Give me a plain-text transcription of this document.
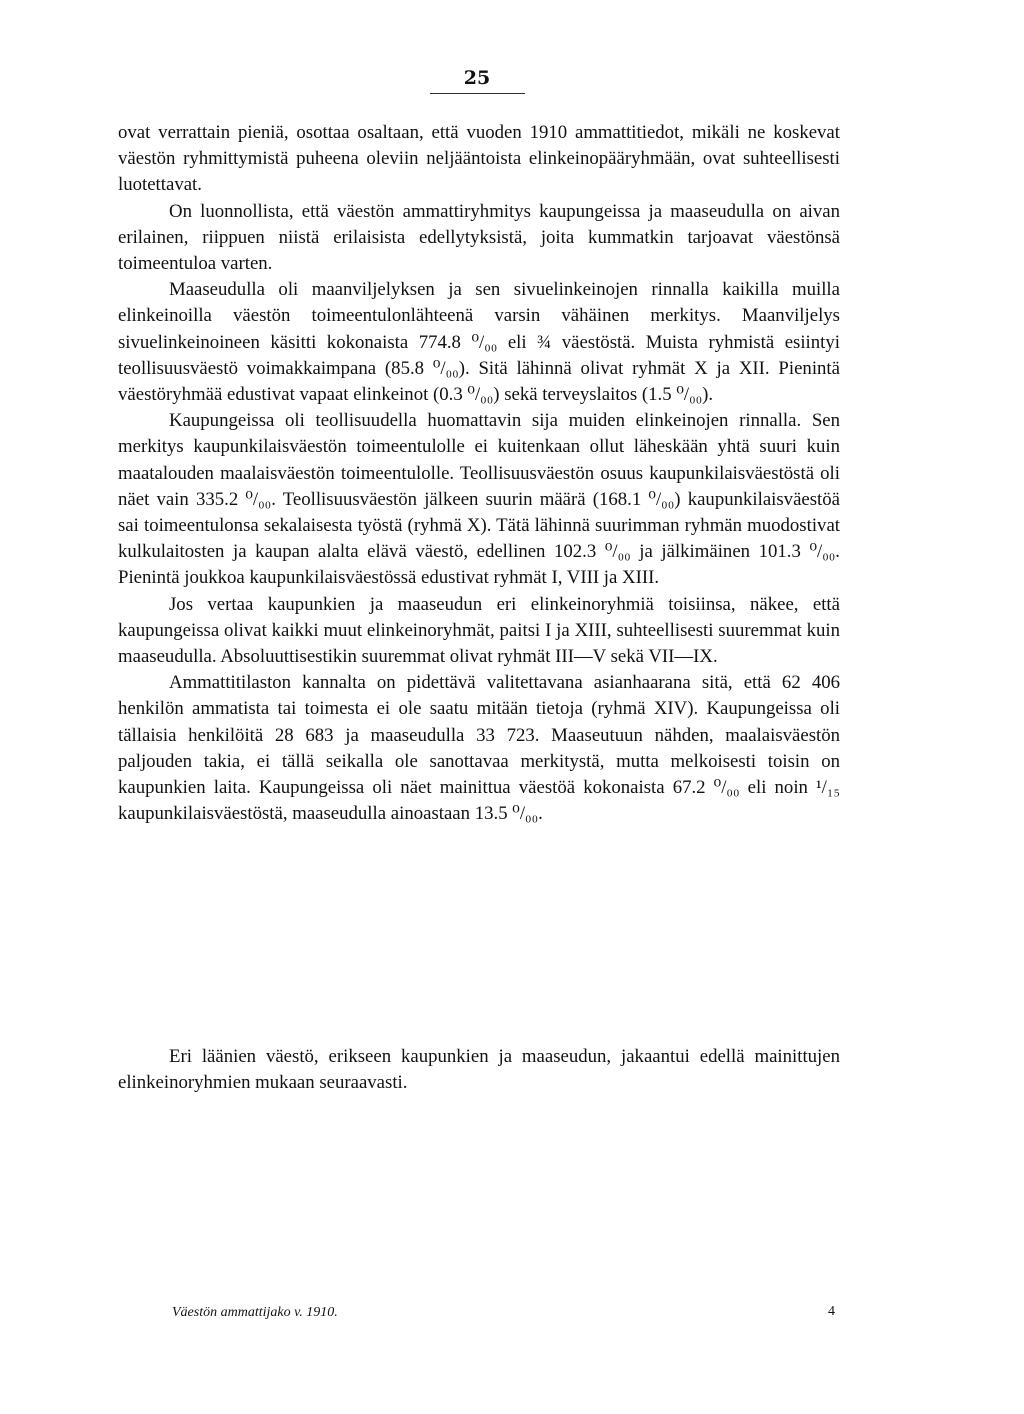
25

ovat verrattain pieniä, osottaa osaltaan, että vuoden 1910 ammattitiedot, mikäli ne koskevat väestön ryhmittymistä puheena oleviin neljääntoista elinkeinopääryhmään, ovat suhteellisesti luotettavat.

On luonnollista, että väestön ammattiryhmitys kaupungeissa ja maaseudulla on aivan erilainen, riippuen niistä erilaisista edellytyksistä, joita kummatkin tarjoavat väestönsä toimeentuloa varten.

Maaseudulla oli maanviljelyksen ja sen sivuelinkeinojen rinnalla kaikilla muilla elinkeinoilla väestön toimeentulonlähteenä varsin vähäinen merkitys. Maanviljelys sivuelinkeinoineen käsitti kokonaista 774.8 ⁰/₀₀ eli ¾ väestöstä. Muista ryhmistä esiintyi teollisuusväestö voimakkaimpana (85.8 ⁰/₀₀). Sitä lähinnä olivat ryhmät X ja XII. Pienintä väestöryhmää edustivat vapaat elinkeinot (0.3 ⁰/₀₀) sekä terveyslaitos (1.5 ⁰/₀₀).

Kaupungeissa oli teollisuudella huomattavin sija muiden elinkeinojen rinnalla. Sen merkitys kaupunkilaisväestön toimeentulolle ei kuitenkaan ollut läheskään yhtä suuri kuin maatalouden maalaisväestön toimeentulolle. Teollisuusväestön osuus kaupunkilaisväestöstä oli näet vain 335.2 ⁰/₀₀. Teollisuusväestön jälkeen suurin määrä (168.1 ⁰/₀₀) kaupunkilaisväestöä sai toimeentulonsa sekalaisesta työstä (ryhmä X). Tätä lähinnä suurimman ryhmän muodostivat kulkulaitosten ja kaupan alalta elävä väestö, edellinen 102.3 ⁰/₀₀ ja jälkimäinen 101.3 ⁰/₀₀. Pienintä joukkoa kaupunkilaisväestössä edustivat ryhmät I, VIII ja XIII.

Jos vertaa kaupunkien ja maaseudun eri elinkeinoryhmiä toisiinsa, näkee, että kaupungeissa olivat kaikki muut elinkeinoryhmät, paitsi I ja XIII, suhteellisesti suuremmat kuin maaseudulla. Absoluuttisestikin suuremmat olivat ryhmät III—V sekä VII—IX.

Ammattitilaston kannalta on pidettävä valitettavana asianhaarana sitä, että 62 406 henkilön ammatista tai toimesta ei ole saatu mitään tietoja (ryhmä XIV). Kaupungeissa oli tällaisia henkilöitä 28 683 ja maaseudulla 33 723. Maaseutuun nähden, maalaisväestön paljouden takia, ei tällä seikalla ole sanottavaa merkitystä, mutta melkoisesti toisin on kaupunkien laita. Kaupungeissa oli näet mainittua väestöä kokonaista 67.2 ⁰/₀₀ eli noin ¹/₁₅ kaupunkilaisväestöstä, maaseudulla ainoastaan 13.5 ⁰/₀₀.

Eri läänien väestö, erikseen kaupunkien ja maaseudun, jakaantui edellä mainittujen elinkeinoryhmien mukaan seuraavasti.

Väestön ammattijako v. 1910.	4
